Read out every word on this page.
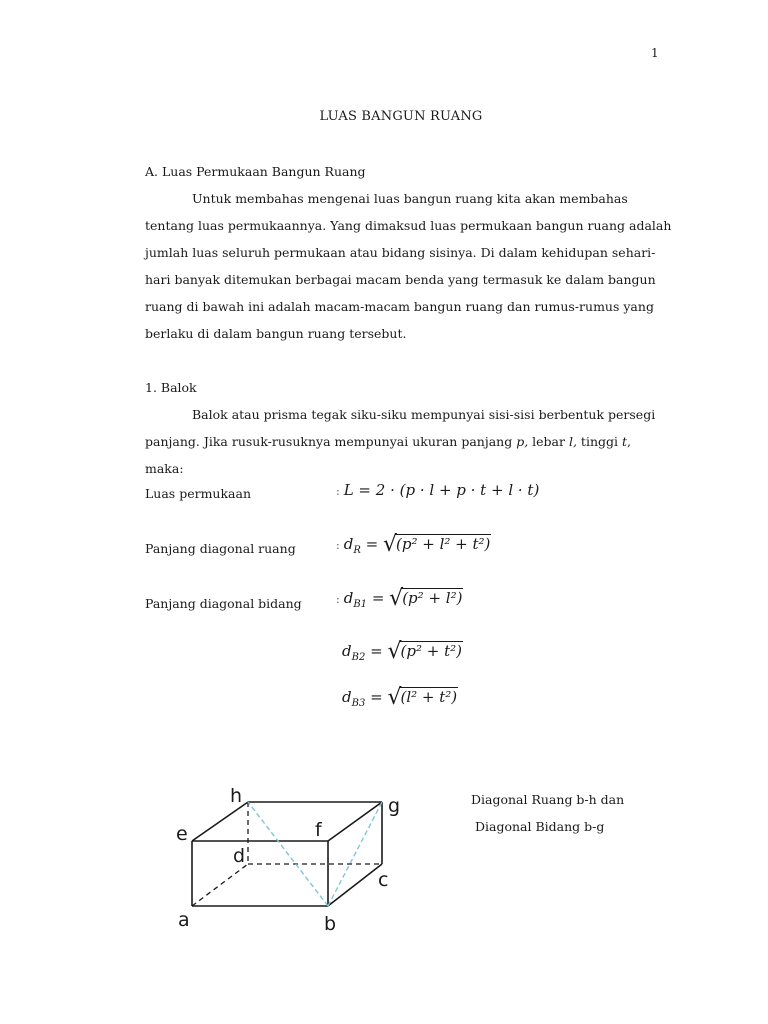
1
LUAS BANGUN RUANG
A. Luas Permukaan Bangun Ruang
Untuk membahas mengenai luas bangun ruang kita akan membahas
tentang luas permukaannya. Yang dimaksud luas permukaan bangun ruang adalah
jumlah luas seluruh permukaan atau bidang sisinya. Di dalam kehidupan sehari-
hari banyak ditemukan berbagai macam benda yang termasuk ke dalam bangun
ruang di bawah ini adalah macam-macam bangun ruang dan rumus-rumus yang
berlaku di dalam bangun ruang tersebut.
1. Balok
Balok atau prisma tegak siku-siku mempunyai sisi-sisi berbentuk persegi
panjang. Jika rusuk-rusuknya mempunyai ukuran panjang p, lebar l, tinggi t,
maka:
Luas permukaan	: L = 2 · (p · l + p · t + l · t)
Panjang diagonal ruang	: $d_R = √(p^2 + l^2 + t^2)$
Panjang diagonal bidang	: $d_{B1} = √(p^2 + l^2)$
$d_{B2} = √(p^2 + t^2)$
$d_{B3} = √(l^2 + t^2)$
a	b
c
d
e	f
g
h	Diagonal Ruang b-h dan
Diagonal Bidang b-g
